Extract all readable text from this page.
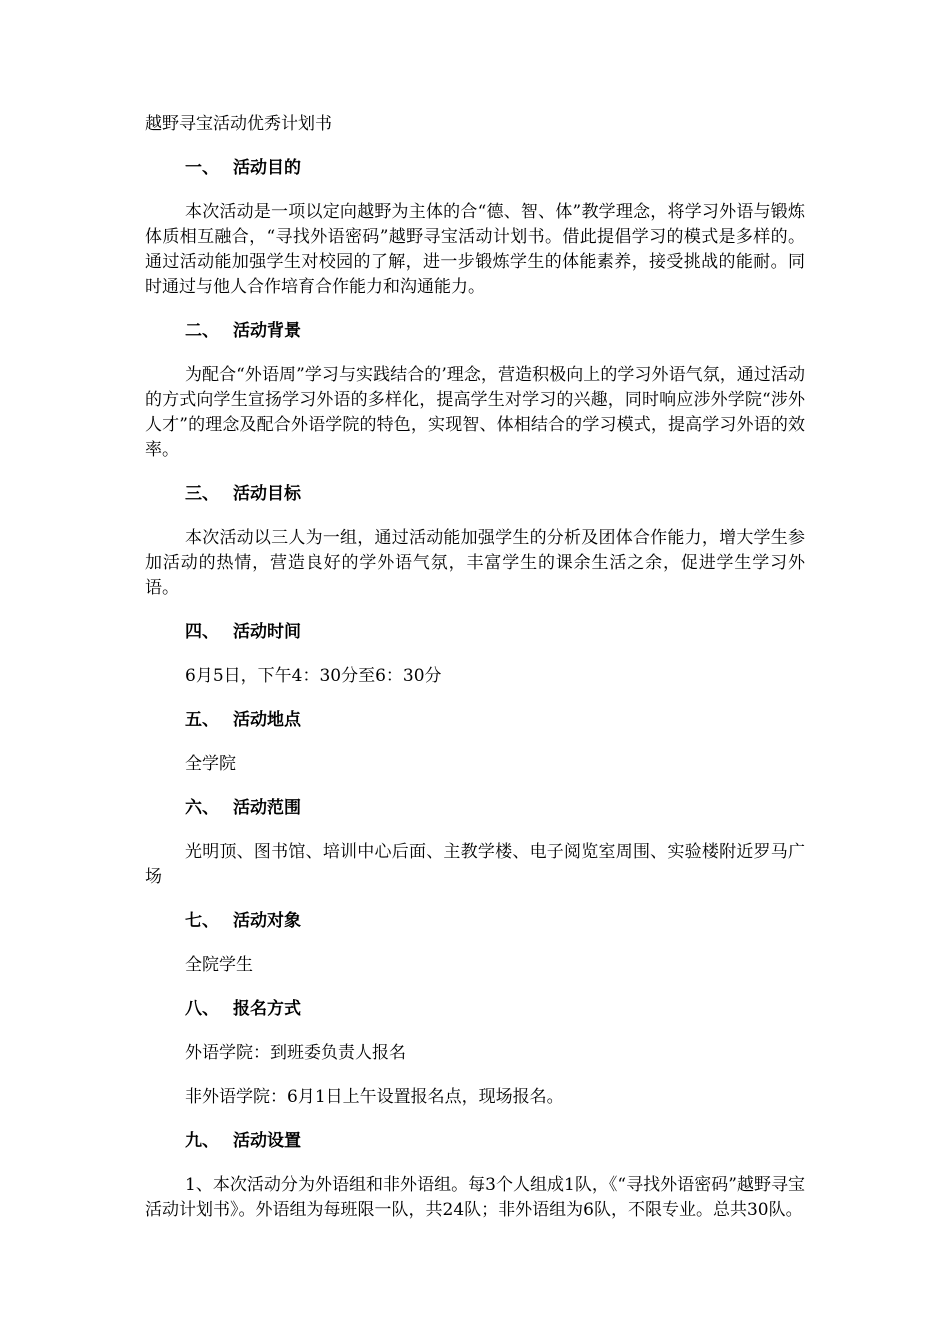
越野寻宝活动优秀计划书
一、 活动目的

本次活动是一项以定向越野为主体的合“德、智、体”教学理念，将学习外语与锻炼体质相互融合，“寻找外语密码”越野寻宝活动计划书。借此提倡学习的模式是多样的。通过活动能加强学生对校园的了解，进一步锻炼学生的体能素养，接受挑战的能耐。同时通过与他人合作培育合作能力和沟通能力。

二、 活动背景

为配合“外语周”学习与实践结合的’理念，营造积极向上的学习外语气氛，通过活动的方式向学生宣扬学习外语的多样化，提高学生对学习的兴趣，同时响应涉外学院“涉外人才”的理念及配合外语学院的特色，实现智、体相结合的学习模式，提高学习外语的效率。

三、 活动目标

本次活动以三人为一组，通过活动能加强学生的分析及团体合作能力，增大学生参加活动的热情，营造良好的学外语气氛，丰富学生的课余生活之余，促进学生学习外语。

四、 活动时间
6月5日，下午4：30分至6：30分
五、 活动地点
全学院
六、 活动范围

光明顶、图书馆、培训中心后面、主教学楼、电子阅览室周围、实验楼附近罗马广场

七、 活动对象
全院学生
八、 报名方式
外语学院：到班委负责人报名
非外语学院：6月1日上午设置报名点，现场报名。
九、 活动设置

1、本次活动分为外语组和非外语组。每3个人组成1队，《“寻找外语密码”越野寻宝活动计划书》。外语组为每班限一队，共24队；非外语组为6队，不限专业。总共30队。
